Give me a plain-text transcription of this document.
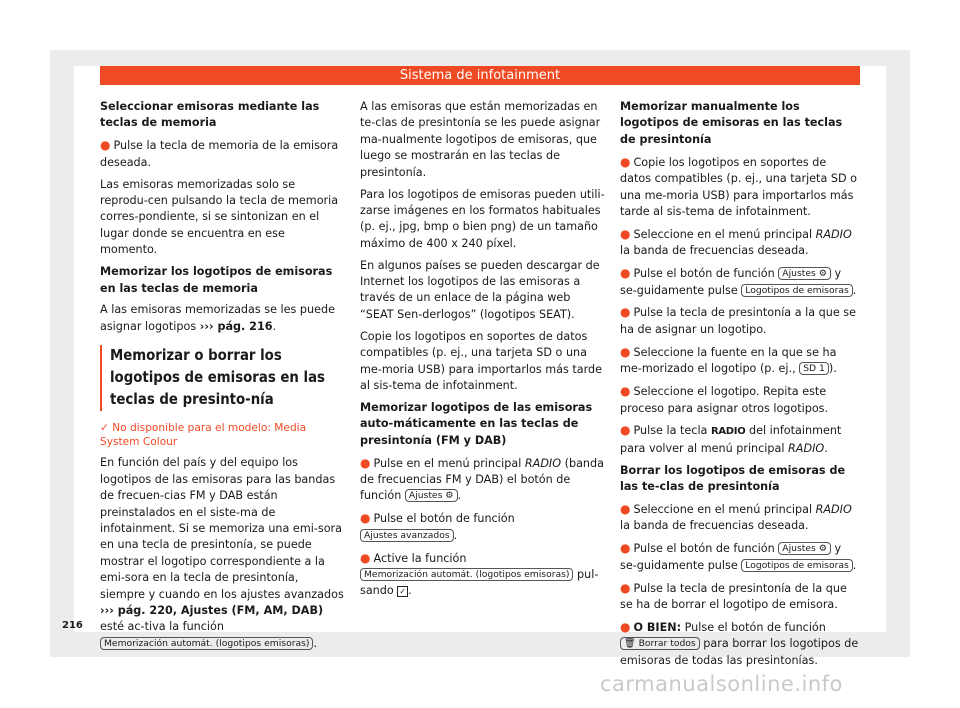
Sistema de infotainment

Seleccionar emisoras mediante las teclas de memoria

● Pulse la tecla de memoria de la emisora deseada.

Las emisoras memorizadas solo se reprodu-cen pulsando la tecla de memoria corres-pondiente, si se sintonizan en el lugar donde se encuentra en ese momento.

Memorizar los logotipos de emisoras en las teclas de memoria

A las emisoras memorizadas se les puede asignar logotipos ››› pág. 216.

Memorizar o borrar los logotipos de emisoras en las teclas de presinto-nía
✓ No disponible para el modelo: Media System Colour

En función del país y del equipo los logotipos de las emisoras para las bandas de frecuen-cias FM y DAB están preinstalados en el siste-ma de infotainment. Si se memoriza una emi-sora en una tecla de presintonía, se puede mostrar el logotipo correspondiente a la emi-sora en la tecla de presintonía, siempre y cuando en los ajustes avanzados ››› pág. 220, Ajustes (FM, AM, DAB) esté ac-tiva la función Memorización automát. (logotipos emisoras) .

A las emisoras que están memorizadas en te-clas de presintonía se les puede asignar ma-nualmente logotipos de emisoras, que luego se mostrarán en las teclas de presintonía.

Para los logotipos de emisoras pueden utili-zarse imágenes en los formatos habituales (p. ej., jpg, bmp o bien png) de un tamaño máximo de 400 x 240 píxel.

En algunos países se pueden descargar de Internet los logotipos de las emisoras a través de un enlace de la página web “SEAT Sen-derlogos” (logotipos SEAT).

Copie los logotipos en soportes de datos compatibles (p. ej., una tarjeta SD o una me-moria USB) para importarlos más tarde al sis-tema de infotainment.

Memorizar logotipos de las emisoras auto-máticamente en las teclas de presintonía (FM y DAB)

● Pulse en el menú principal RADIO (banda de frecuencias FM y DAB) el botón de función Ajustes ⚙ .

● Pulse el botón de función Ajustes avanzados .

● Active la función Memorización automát. (logotipos emisoras) pul-sando ✓ .

Memorizar manualmente los logotipos de emisoras en las teclas de presintonía

● Copie los logotipos en soportes de datos compatibles (p. ej., una tarjeta SD o una me-moria USB) para importarlos más tarde al sis-tema de infotainment.

● Seleccione en el menú principal RADIO la banda de frecuencias deseada.

● Pulse el botón de función Ajustes ⚙ y se-guidamente pulse Logotipos de emisoras .

● Pulse la tecla de presintonía a la que se ha de asignar un logotipo.

● Seleccione la fuente en la que se ha me-morizado el logotipo (p. ej., SD 1 ).

● Seleccione el logotipo. Repita este proceso para asignar otros logotipos.

● Pulse la tecla RADIO del infotainment para volver al menú principal RADIO.

Borrar los logotipos de emisoras de las te-clas de presintonía

● Seleccione en el menú principal RADIO la banda de frecuencias deseada.

● Pulse el botón de función Ajustes ⚙ y se-guidamente pulse Logotipos de emisoras .

● Pulse la tecla de presintonía de la que se ha de borrar el logotipo de emisora.

● O BIEN: Pulse el botón de función 🗑 Borrar todos para borrar los logotipos de emisoras de todas las presintonías.

216
carmanualsonline.info
